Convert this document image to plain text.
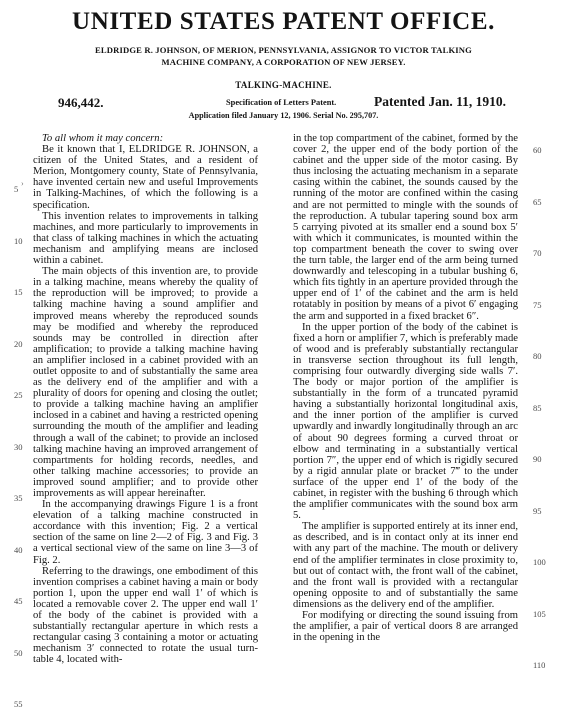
UNITED STATES PATENT OFFICE.
ELDRIDGE R. JOHNSON, OF MERION, PENNSYLVANIA, ASSIGNOR TO VICTOR TALKING
MACHINE COMPANY, A CORPORATION OF NEW JERSEY.
TALKING-MACHINE.
946,442.	Specification of Letters Patent.	Patented Jan. 11, 1910.
Application filed January 12, 1906. Serial No. 295,707.

To all whom it may concern:

Be it known that I, ELDRIDGE R. JOHNSON, a citizen of the United States, and a resident of Merion, Montgomery county, State of Pennsylvania, have invented certain new and useful Improvements in Talking-Machines, of which the following is a specification.

This invention relates to improvements in talking machines, and more particularly to improvements in that class of talking machines in which the actuating mechanism and amplifying means are inclosed within a cabinet.

The main objects of this invention are, to provide in a talking machine, means whereby the quality of the reproduction will be improved; to provide a talking machine having a sound amplifier and improved means whereby the reproduced sounds may be modified and whereby the reproduced sounds may be controlled in direction after amplification; to provide a talking machine having an amplifier inclosed in a cabinet provided with an outlet opposite to and of substantially the same area as the delivery end of the amplifier and with a plurality of doors for opening and closing the outlet; to provide a talking machine having an amplifier inclosed in a cabinet and having a restricted opening surrounding the mouth of the amplifier and leading through a wall of the cabinet; to provide an inclosed talking machine having an improved arrangement of compartments for holding records, needles, and other talking machine accessories; to provide an improved sound amplifier; and to provide other improvements as will appear hereinafter.

In the accompanying drawings Figure 1 is a front elevation of a talking machine constructed in accordance with this invention; Fig. 2 a vertical section of the same on line 2—2 of Fig. 3 and Fig. 3 a vertical sectional view of the same on line 3—3 of Fig. 2.

Referring to the drawings, one embodiment of this invention comprises a cabinet having a main or body portion 1, upon the upper end wall 1′ of which is located a removable cover 2. The upper end wall 1′ of the body of the cabinet is provided with a substantially rectangular aperture in which rests a rectangular casing 3 containing a motor or actuating mechanism 3′ connected to rotate the usual turn-table 4, located with-

in the top compartment of the cabinet, formed by the cover 2, the upper end of the body portion of the cabinet and the upper side of the motor casing. By thus inclosing the actuating mechanism in a separate casing within the cabinet, the sounds caused by the running of the motor are confined within the casing and are not permitted to mingle with the sounds of the reproduction. A tubular tapering sound box arm 5 carrying pivoted at its smaller end a sound box 5′ with which it communicates, is mounted within the top compartment beneath the cover to swing over the turn table, the larger end of the arm being turned downwardly and telescoping in a tubular bushing 6, which fits tightly in an aperture provided through the upper end of 1′ of the cabinet and the arm is held rotatably in position by means of a pivot 6′ engaging the arm and supported in a fixed bracket 6″.

In the upper portion of the body of the cabinet is fixed a horn or amplifier 7, which is preferably made of wood and is preferably substantially rectangular in transverse section throughout its full length, comprising four outwardly diverging side walls 7′. The body or major portion of the amplifier is substantially in the form of a truncated pyramid having a substantially horizontal longitudinal axis, and the inner portion of the amplifier is curved upwardly and inwardly longitudinally through an arc of about 90 degrees forming a curved throat or elbow and terminating in a substantially vertical portion 7″, the upper end of which is rigidly secured by a rigid annular plate or bracket 7‴ to the under surface of the upper end 1′ of the body of the cabinet, in register with the bushing 6 through which the amplifier communicates with the sound box arm 5.

The amplifier is supported entirely at its inner end, as described, and is in contact only at its inner end with any part of the machine. The mouth or delivery end of the amplifier terminates in close proximity to, but out of contact with, the front wall of the cabinet, and the front wall is provided with a rectangular opening opposite to and of substantially the same dimensions as the delivery end of the amplifier.

For modifying or directing the sound issuing from the amplifier, a pair of vertical doors 8 are arranged in the opening in the

›
5
10
15
20
25
30
35
40
45
50
55
60
65
70
75
80
85
90
95
100
105
110
